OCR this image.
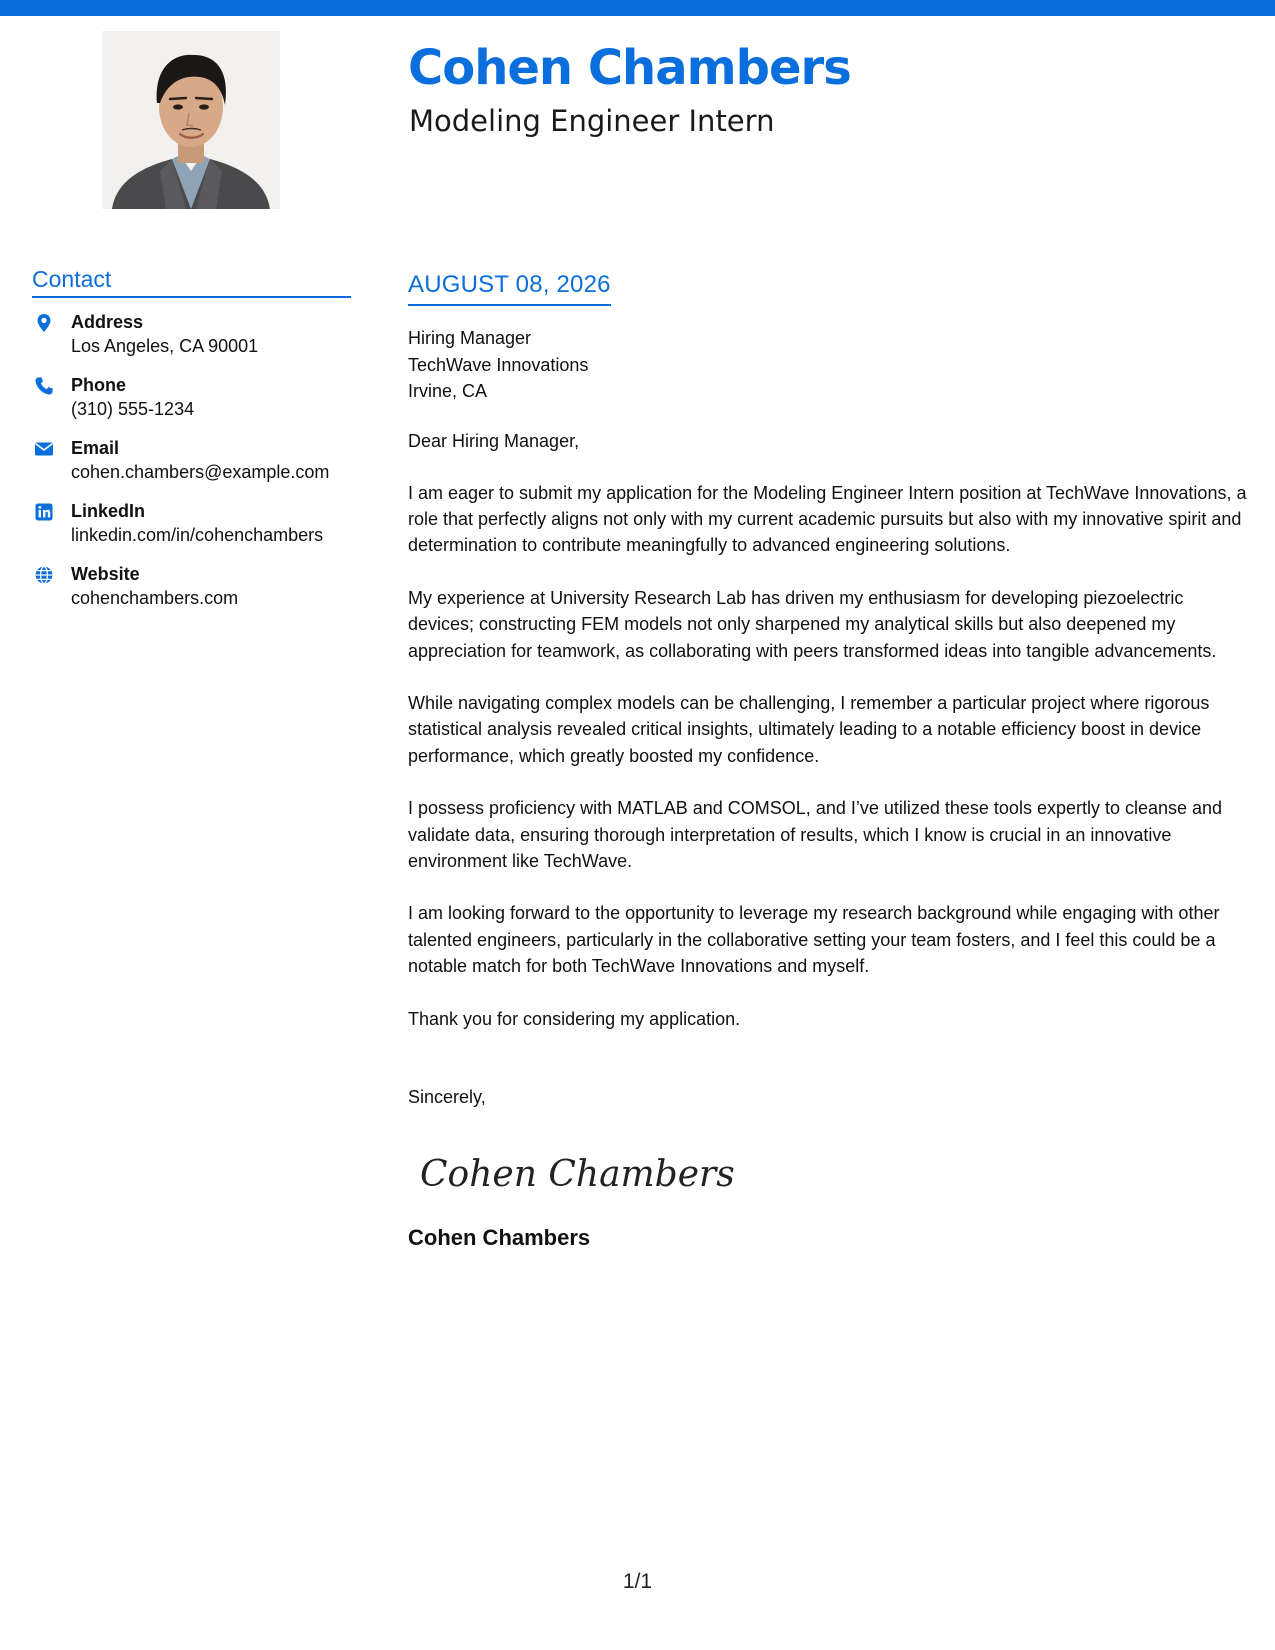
Cohen Chambers
Modeling Engineer Intern
Contact
Address
Los Angeles, CA 90001
Phone
(310) 555-1234
Email
cohen.chambers@example.com
LinkedIn
linkedin.com/in/cohenchambers
Website
cohenchambers.com
AUGUST 08, 2026
Hiring Manager
TechWave Innovations
Irvine, CA
Dear Hiring Manager,

I am eager to submit my application for the Modeling Engineer Intern position at TechWave Innovations, a role that perfectly aligns not only with my current academic pursuits but also with my innovative spirit and determination to contribute meaningfully to advanced engineering solutions.

My experience at University Research Lab has driven my enthusiasm for developing piezoelectric devices; constructing FEM models not only sharpened my analytical skills but also deepened my appreciation for teamwork, as collaborating with peers transformed ideas into tangible advancements.

While navigating complex models can be challenging, I remember a particular project where rigorous statistical analysis revealed critical insights, ultimately leading to a notable efficiency boost in device performance, which greatly boosted my confidence.

I possess proficiency with MATLAB and COMSOL, and I’ve utilized these tools expertly to cleanse and validate data, ensuring thorough interpretation of results, which I know is crucial in an innovative environment like TechWave.

I am looking forward to the opportunity to leverage my research background while engaging with other talented engineers, particularly in the collaborative setting your team fosters, and I feel this could be a notable match for both TechWave Innovations and myself.

Thank you for considering my application.

Sincerely,
Cohen Chambers
Cohen Chambers
1/1
